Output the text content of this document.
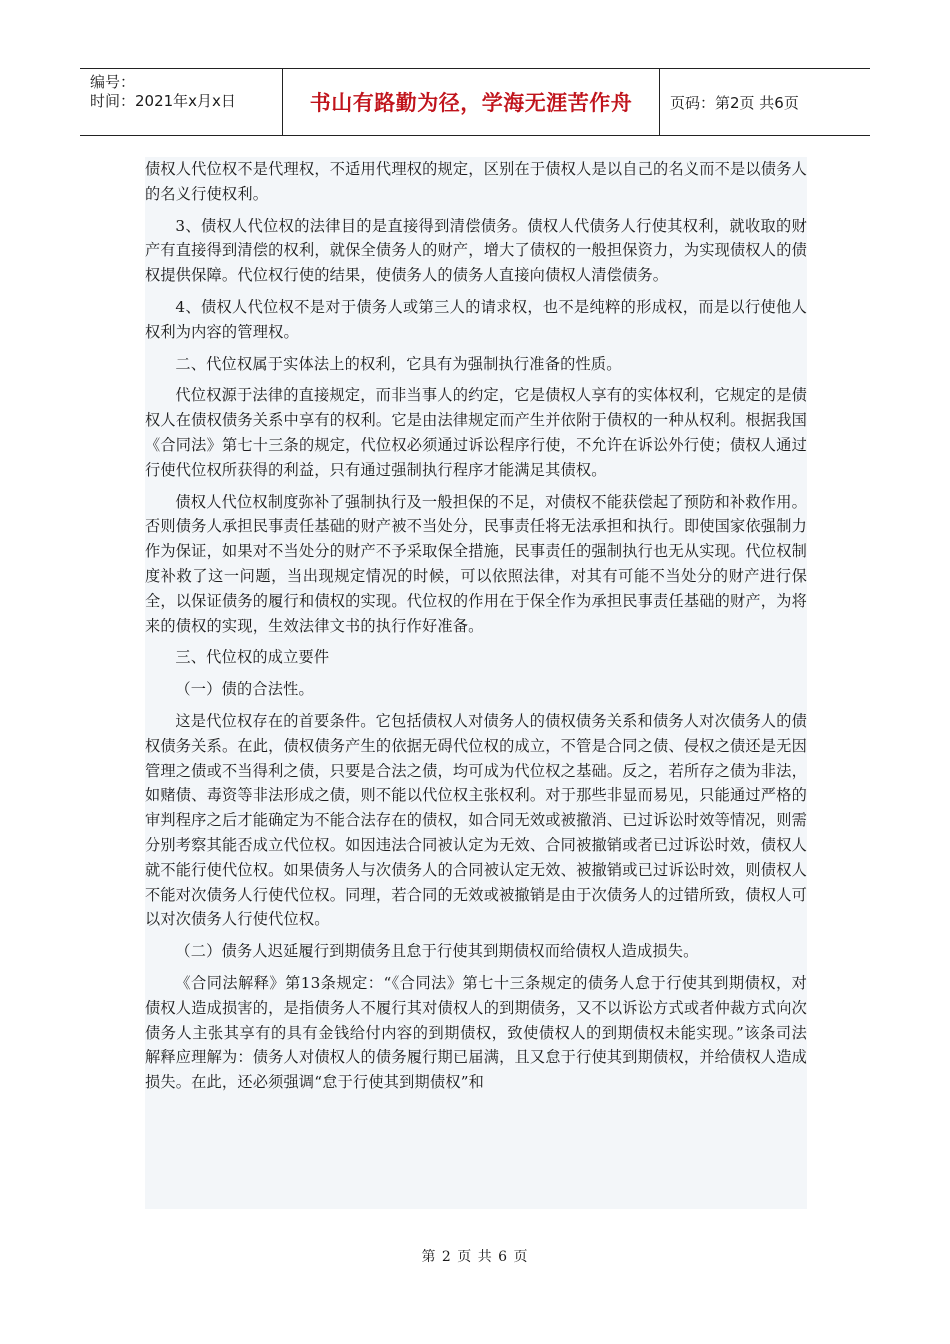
编号：
时间：2021年x月x日	书山有路勤为径，学海无涯苦作舟	页码：第2页 共6页

债权人代位权不是代理权，不适用代理权的规定，区别在于债权人是以自己的名义而不是以债务人的名义行使权利。

3、债权人代位权的法律目的是直接得到清偿债务。债权人代债务人行使其权利，就收取的财产有直接得到清偿的权利，就保全债务人的财产，增大了债权的一般担保资力，为实现债权人的债权提供保障。代位权行使的结果，使债务人的债务人直接向债权人清偿债务。

4、债权人代位权不是对于债务人或第三人的请求权，也不是纯粹的形成权，而是以行使他人权利为内容的管理权。

二、代位权属于实体法上的权利，它具有为强制执行准备的性质。

代位权源于法律的直接规定，而非当事人的约定，它是债权人享有的实体权利，它规定的是债权人在债权债务关系中享有的权利。它是由法律规定而产生并依附于债权的一种从权利。根据我国《合同法》第七十三条的规定，代位权必须通过诉讼程序行使，不允许在诉讼外行使；债权人通过行使代位权所获得的利益，只有通过强制执行程序才能满足其债权。

债权人代位权制度弥补了强制执行及一般担保的不足，对债权不能获偿起了预防和补救作用。否则债务人承担民事责任基础的财产被不当处分，民事责任将无法承担和执行。即使国家依强制力作为保证，如果对不当处分的财产不予采取保全措施，民事责任的强制执行也无从实现。代位权制度补救了这一问题，当出现规定情况的时候，可以依照法律，对其有可能不当处分的财产进行保全，以保证债务的履行和债权的实现。代位权的作用在于保全作为承担民事责任基础的财产，为将来的债权的实现，生效法律文书的执行作好准备。

三、代位权的成立要件

（一）债的合法性。

这是代位权存在的首要条件。它包括债权人对债务人的债权债务关系和债务人对次债务人的债权债务关系。在此，债权债务产生的依据无碍代位权的成立，不管是合同之债、侵权之债还是无因管理之债或不当得利之债，只要是合法之债，均可成为代位权之基础。反之，若所存之债为非法，如赌债、毒资等非法形成之债，则不能以代位权主张权利。对于那些非显而易见，只能通过严格的审判程序之后才能确定为不能合法存在的债权，如合同无效或被撤消、已过诉讼时效等情况，则需分别考察其能否成立代位权。如因违法合同被认定为无效、合同被撤销或者已过诉讼时效，债权人就不能行使代位权。如果债务人与次债务人的合同被认定无效、被撤销或已过诉讼时效，则债权人不能对次债务人行使代位权。同理，若合同的无效或被撤销是由于次债务人的过错所致，债权人可以对次债务人行使代位权。

（二）债务人迟延履行到期债务且怠于行使其到期债权而给债权人造成损失。

《合同法解释》第13条规定：“《合同法》第七十三条规定的债务人怠于行使其到期债权，对债权人造成损害的，是指债务人不履行其对债权人的到期债务，又不以诉讼方式或者仲裁方式向次债务人主张其享有的具有金钱给付内容的到期债权，致使债权人的到期债权未能实现。”该条司法解释应理解为：债务人对债权人的债务履行期已届满，且又怠于行使其到期债权，并给债权人造成损失。在此，还必须强调“怠于行使其到期债权”和

第 2 页 共 6 页
